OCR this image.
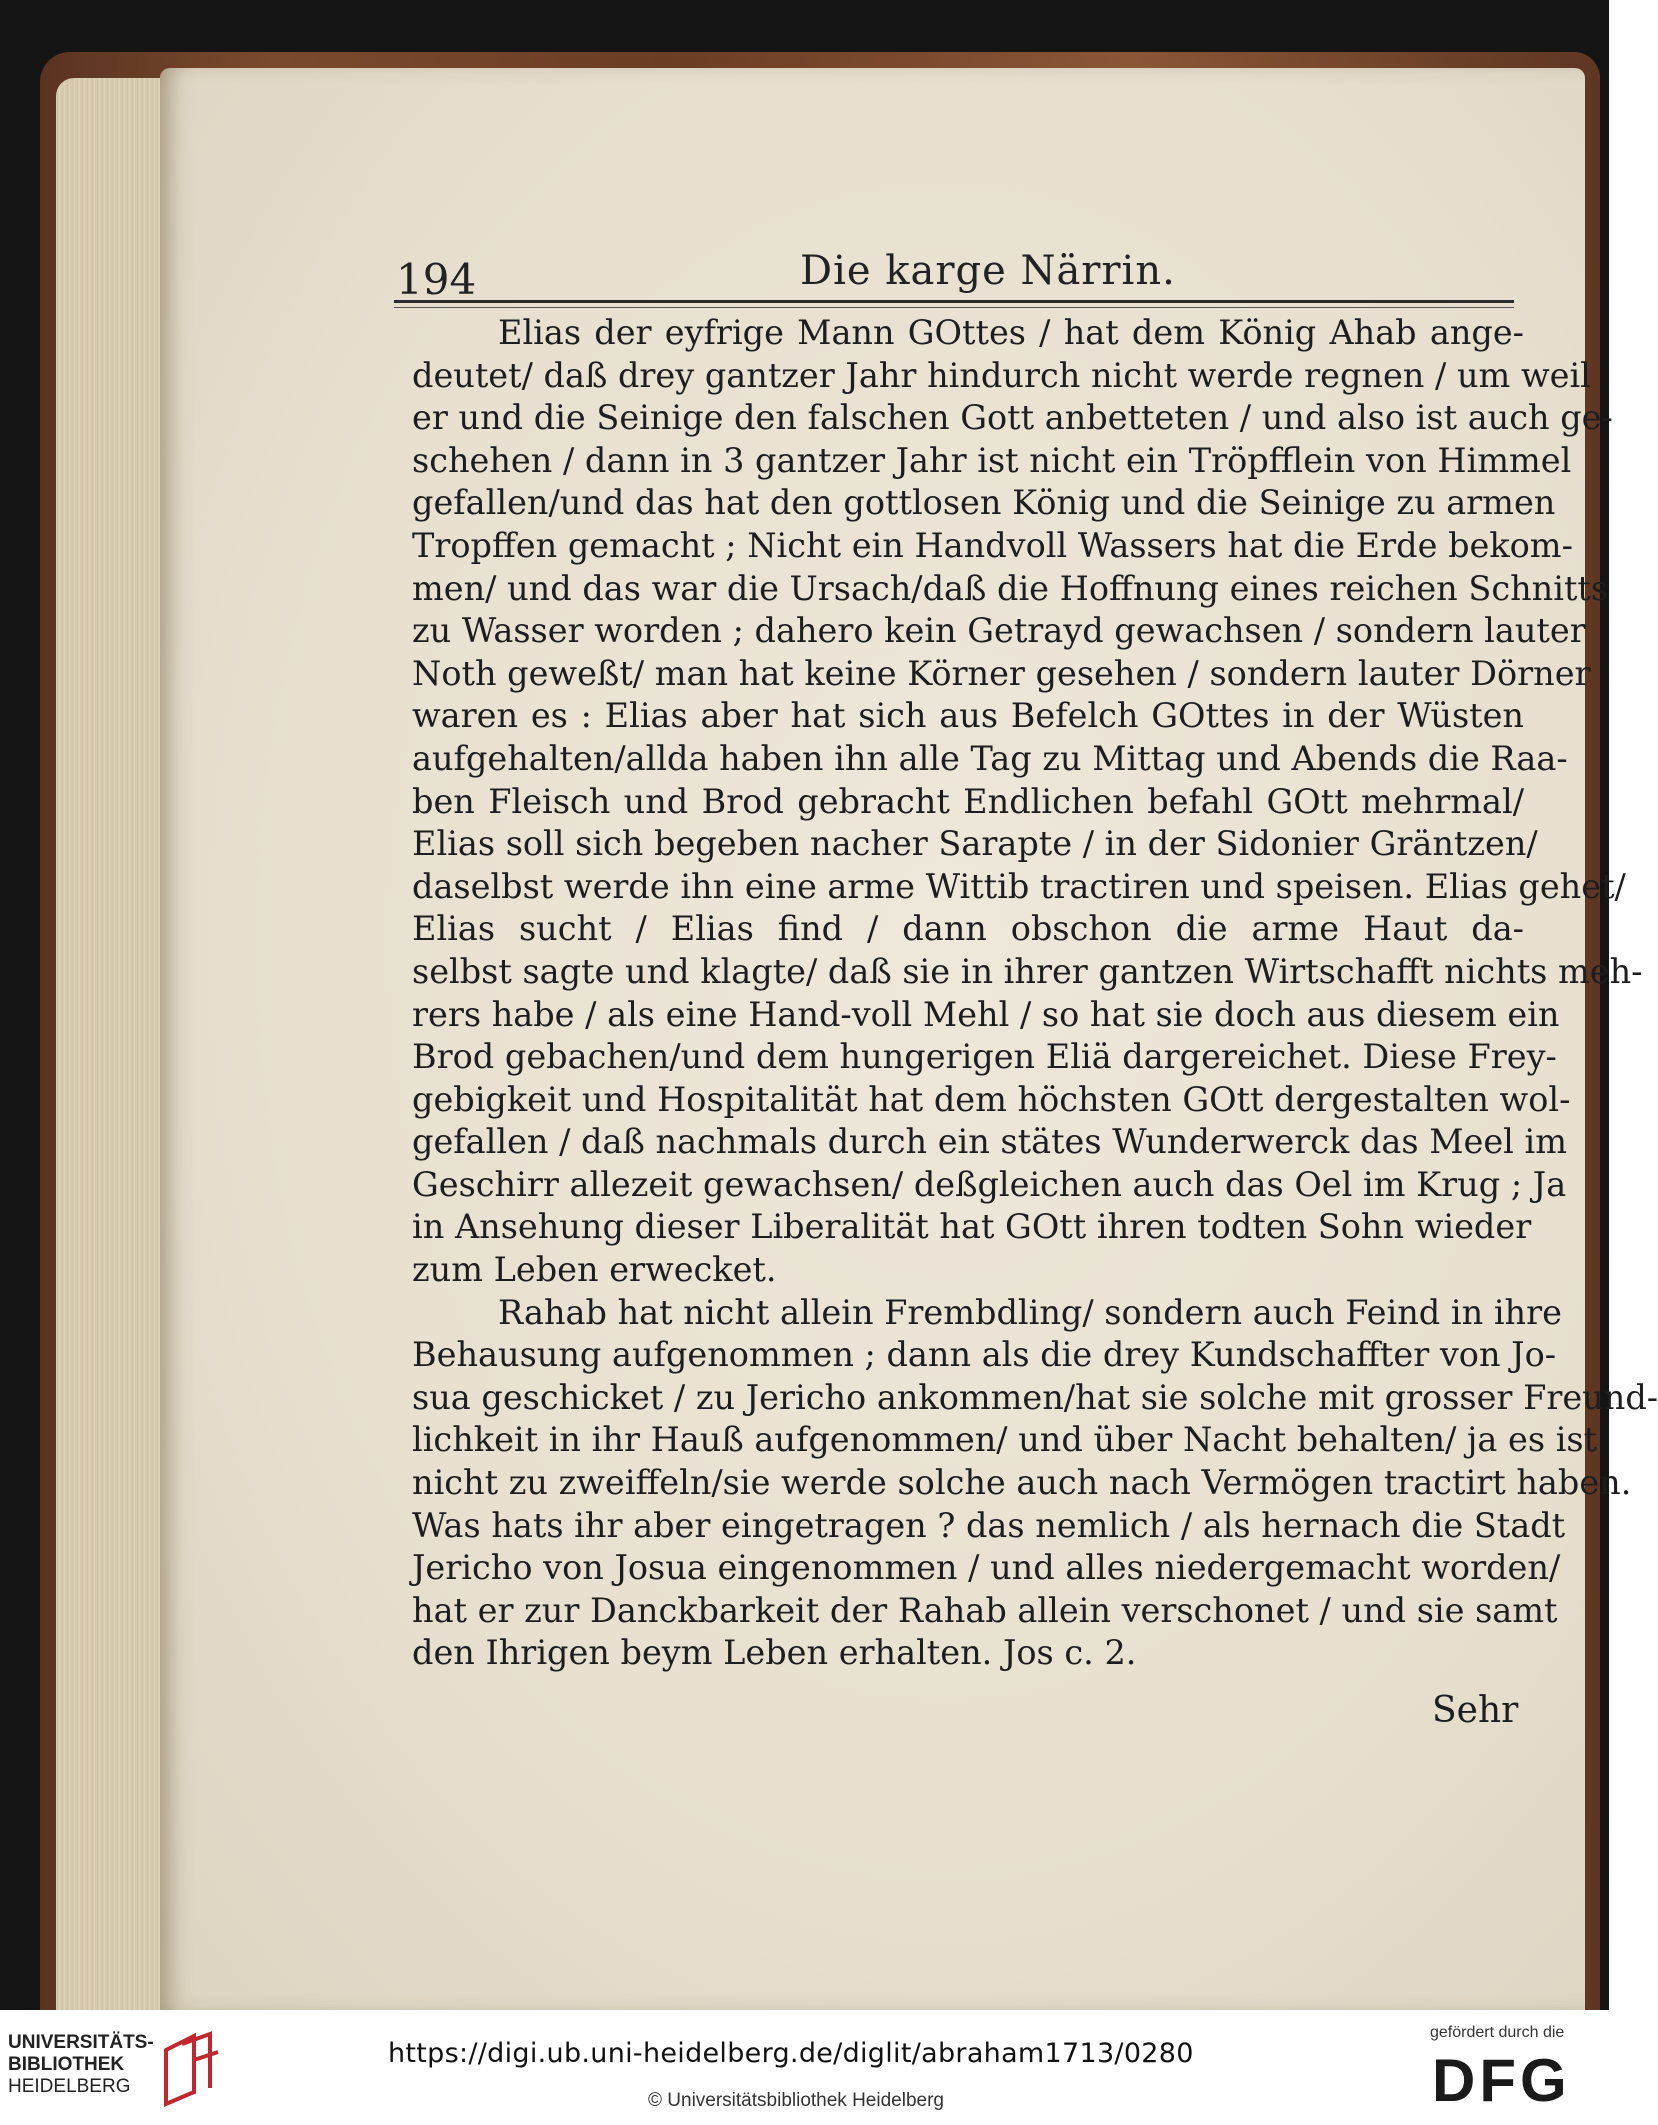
194	Die karge Närrin.
Elias der eyfrige Mann GOttes / hat dem König Ahab ange-
deutet/ daß drey gantzer Jahr hindurch nicht werde regnen / um weil
er und die Seinige den falschen Gott anbetteten / und also ist auch ge-
schehen / dann in 3 gantzer Jahr ist nicht ein Tröpfflein von Himmel
gefallen/und das hat den gottlosen König und die Seinige zu armen
Tropffen gemacht ; Nicht ein Handvoll Wassers hat die Erde bekom-
men/ und das war die Ursach/daß die Hoffnung eines reichen Schnitts
zu Wasser worden ; dahero kein Getrayd gewachsen / sondern lauter
Noth geweßt/ man hat keine Körner gesehen / sondern lauter Dörner
waren es : Elias aber hat sich aus Befelch GOttes in der Wüsten
aufgehalten/allda haben ihn alle Tag zu Mittag und Abends die Raa-
ben Fleisch und Brod gebracht Endlichen befahl GOtt mehrmal/
Elias soll sich begeben nacher Sarapte / in der Sidonier Gräntzen/
daselbst werde ihn eine arme Wittib tractiren und speisen. Elias gehet/
Elias sucht / Elias find / dann obschon die arme Haut da-
selbst sagte und klagte/ daß sie in ihrer gantzen Wirtschafft nichts meh-
rers habe / als eine Hand-voll Mehl / so hat sie doch aus diesem ein
Brod gebachen/und dem hungerigen Eliä dargereichet. Diese Frey-
gebigkeit und Hospitalität hat dem höchsten GOtt dergestalten wol-
gefallen / daß nachmals durch ein stätes Wunderwerck das Meel im
Geschirr allezeit gewachsen/ deßgleichen auch das Oel im Krug ; Ja
in Ansehung dieser Liberalität hat GOtt ihren todten Sohn wieder
zum Leben erwecket.
Rahab hat nicht allein Frembdling/ sondern auch Feind in ihre
Behausung aufgenommen ; dann als die drey Kundschaffter von Jo-
sua geschicket / zu Jericho ankommen/hat sie solche mit grosser Freund-
lichkeit in ihr Hauß aufgenommen/ und über Nacht behalten/ ja es ist
nicht zu zweiffeln/sie werde solche auch nach Vermögen tractirt haben.
Was hats ihr aber eingetragen ? das nemlich / als hernach die Stadt
Jericho von Josua eingenommen / und alles niedergemacht worden/
hat er zur Danckbarkeit der Rahab allein verschonet / und sie samt
den Ihrigen beym Leben erhalten. Jos c. 2.
Sehr
UNIVERSITÄTS-
BIBLIOTHEK
HEIDELBERG
https://digi.ub.uni-heidelberg.de/diglit/abraham1713/0280
© Universitätsbibliothek Heidelberg
gefördert durch die
DFG
